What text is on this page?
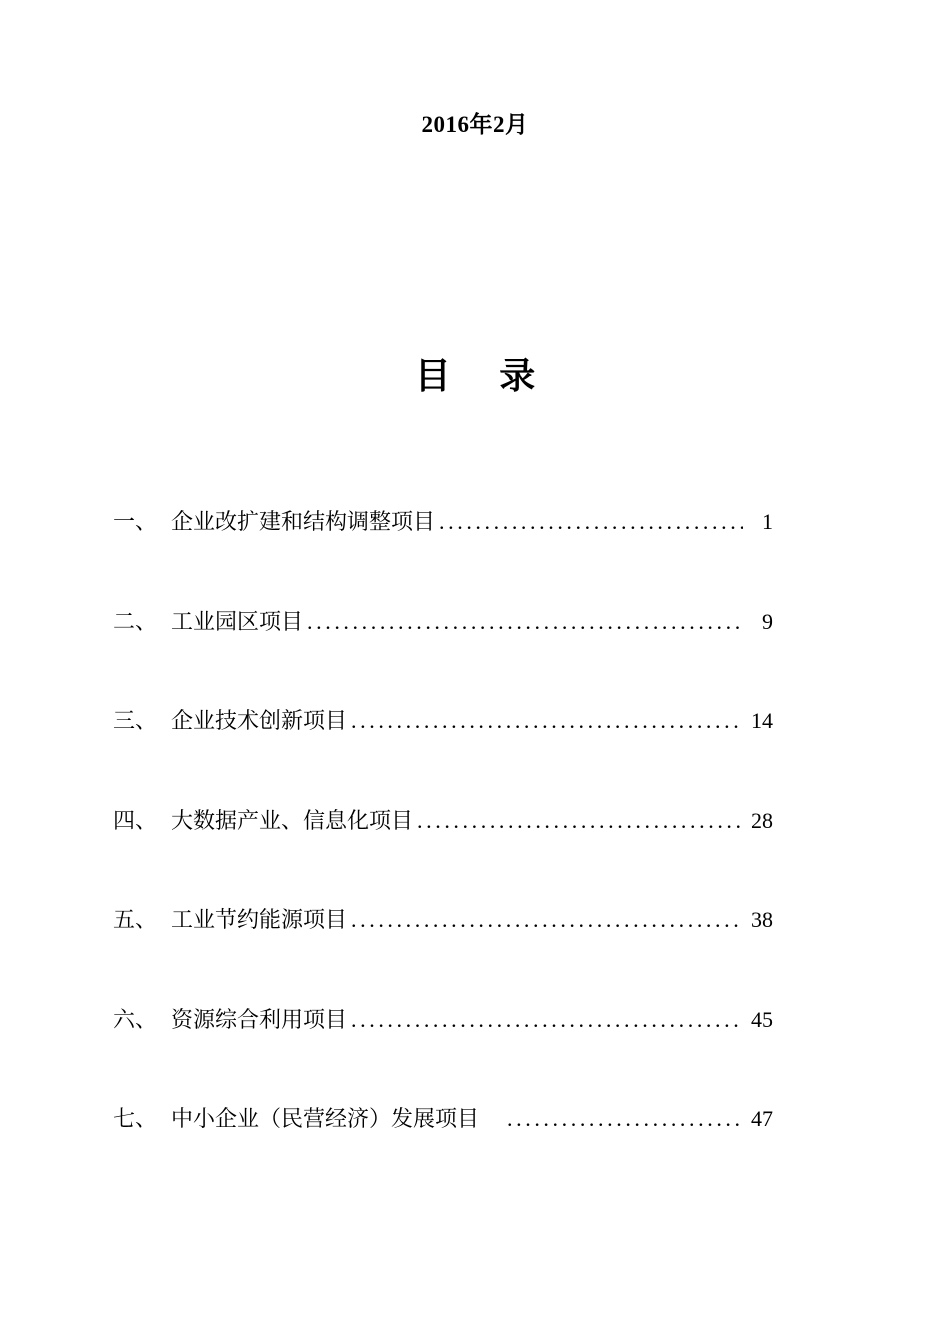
2016年2月
目 录
一、 企业改扩建和结构调整项目 .....	1
二、 工业园区项目 .....	9
三、 企业技术创新项目 .....	14
四、 大数据产业、信息化项目 .....	28
五、 工业节约能源项目 .....	38
六、 资源综合利用项目 .....	45
七、 中小企业（民营经济）发展项目 .....	47
